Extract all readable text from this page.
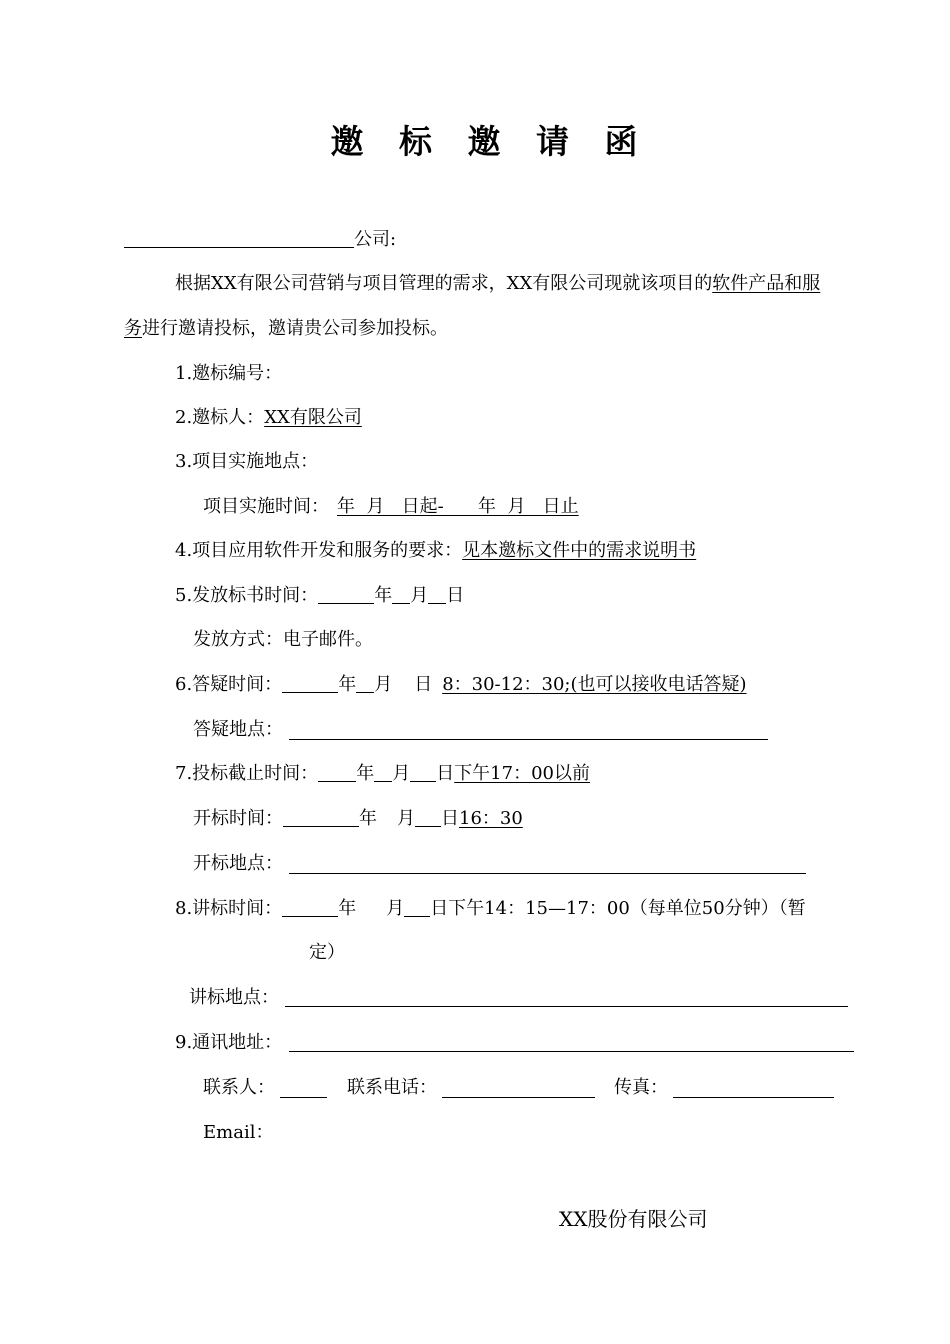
邀 标 邀 请 函
公司:
根据XX有限公司营销与项目管理的需求，XX有限公司现就该项目的软件产品和服
务进行邀请投标，邀请贵公司参加投标。
1.邀标编号：
2.邀标人：XX有限公司
3.项目实施地点：
项目实施时间： 年  月   日起-      年  月   日止
4.项目应用软件开发和服务的要求：见本邀标文件中的需求说明书
5.发放标书时间：	年 月 日
发放方式：电子邮件。
6.答疑时间：	年 月 日 8：30-12：30;(也可以接收电话答疑)
答疑地点：
7.投标截止时间： 年 月 日下午17：00以前
开标时间：	年 月 日16：30
开标地点：
8.讲标时间：	年 月 日下午14：15—17：00（每单位50分钟）（暂
定）
讲标地点：
9.通讯地址：
联系人：	联系电话：	传真：
Email：
XX股份有限公司
